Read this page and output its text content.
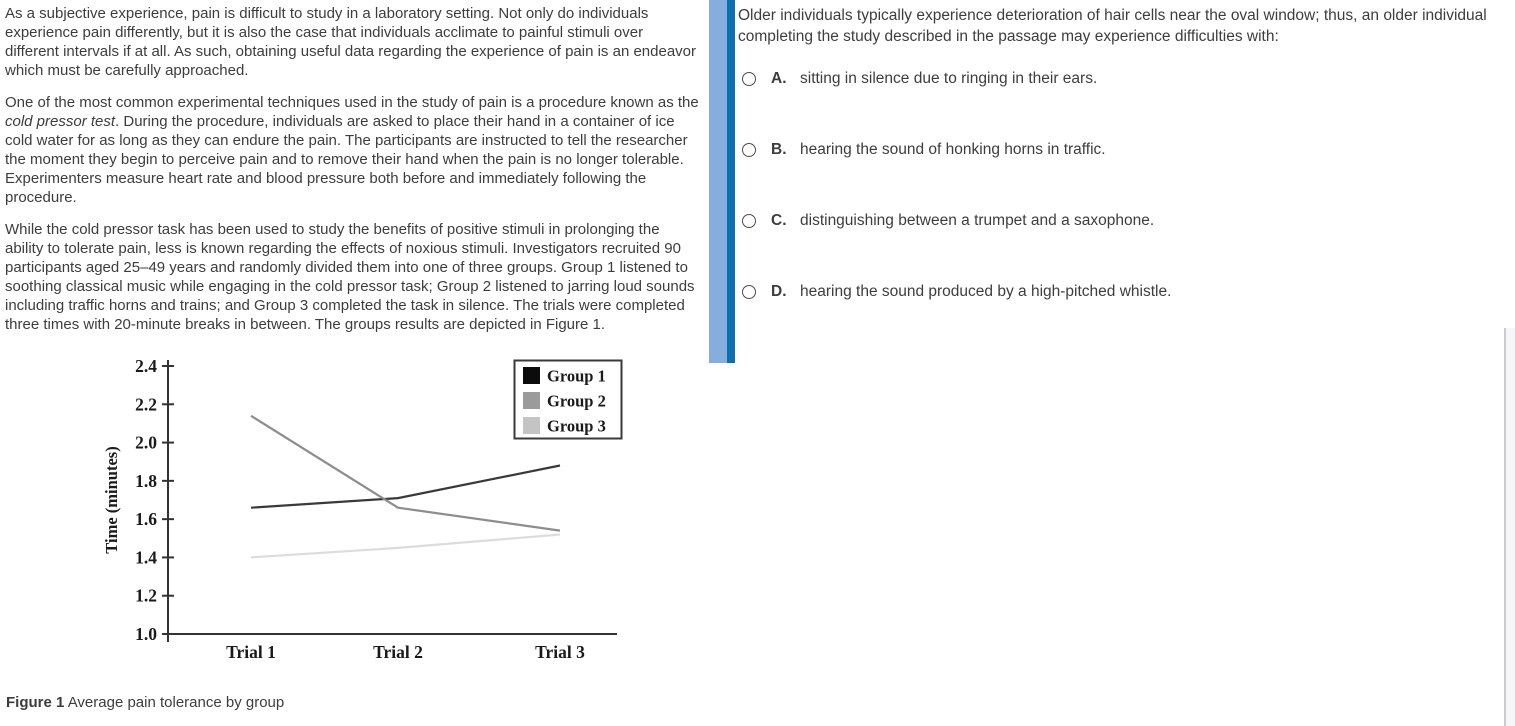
As a subjective experience, pain is difficult to study in a laboratory setting. Not only do individuals experience pain differently, but it is also the case that individuals acclimate to painful stimuli over different intervals if at all. As such, obtaining useful data regarding the experience of pain is an endeavor which must be carefully approached.

One of the most common experimental techniques used in the study of pain is a procedure known as the cold pressor test. During the procedure, individuals are asked to place their hand in a container of ice cold water for as long as they can endure the pain. The participants are instructed to tell the researcher the moment they begin to perceive pain and to remove their hand when the pain is no longer tolerable. Experimenters measure heart rate and blood pressure both before and immediately following the procedure.

While the cold pressor task has been used to study the benefits of positive stimuli in prolonging the ability to tolerate pain, less is known regarding the effects of noxious stimuli. Investigators recruited 90 participants aged 25–49 years and randomly divided them into one of three groups. Group 1 listened to soothing classical music while engaging in the cold pressor task; Group 2 listened to jarring loud sounds including traffic horns and trains; and Group 3 completed the task in silence. The trials were completed three times with 20-minute breaks in between. The groups results are depicted in Figure 1.

1.0
1.2
1.4
1.6
1.8
2.0
2.2
2.4
Trial 1	Trial 2	Trial 3
Time (minutes)
Group 1
Group 2
Group 3
Figure 1 Average pain tolerance by group
Older individuals typically experience deterioration of hair cells near the oval window; thus, an older individual completing the study described in the passage may experience difficulties with:
A. sitting in silence due to ringing in their ears.
B. hearing the sound of honking horns in traffic.
C. distinguishing between a trumpet and a saxophone.
D. hearing the sound produced by a high-pitched whistle.
